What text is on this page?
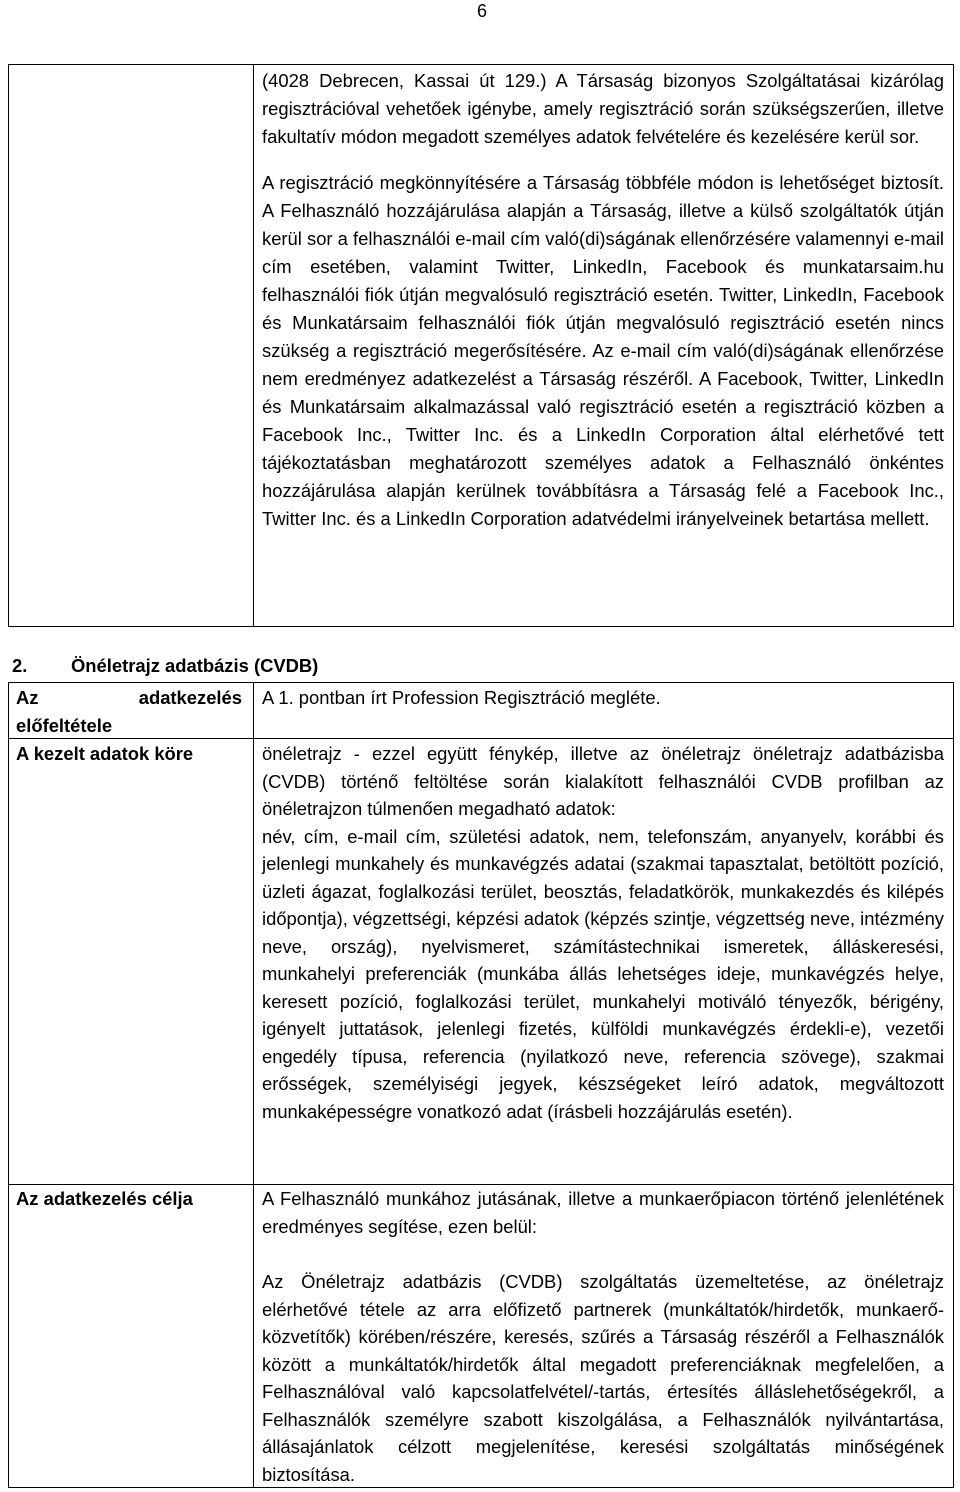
6

(4028 Debrecen, Kassai út 129.) A Társaság bizonyos Szolgáltatásai kizárólag regisztrációval vehetőek igénybe, amely regisztráció során szükségszerűen, illetve fakultatív módon megadott személyes adatok felvételére és kezelésére kerül sor.

A regisztráció megkönnyítésére a Társaság többféle módon is lehetőséget biztosít. A Felhasználó hozzájárulása alapján a Társaság, illetve a külső szolgáltatók útján kerül sor a felhasználói e-mail cím való(di)ságának ellenőrzésére valamennyi e-mail cím esetében, valamint Twitter, LinkedIn, Facebook és munkatarsaim.hu felhasználói fiók útján megvalósuló regisztráció esetén. Twitter, LinkedIn, Facebook és Munkatársaim felhasználói fiók útján megvalósuló regisztráció esetén nincs szükség a regisztráció megerősítésére. Az e-mail cím való(di)ságának ellenőrzése nem eredményez adatkezelést a Társaság részéről. A Facebook, Twitter, LinkedIn és Munkatársaim alkalmazással való regisztráció esetén a regisztráció közben a Facebook Inc., Twitter Inc. és a LinkedIn Corporation által elérhetővé tett tájékoztatásban meghatározott személyes adatok a Felhasználó önkéntes hozzájárulása alapján kerülnek továbbításra a Társaság felé a Facebook Inc., Twitter Inc. és a LinkedIn Corporation adatvédelmi irányelveinek betartása mellett.

2. Önéletrajz adatbázis (CVDB)
Az adatkezelés
előfeltétele

A 1. pontban írt Profession Regisztráció megléte.

A kezelt adatok köre	önéletrajz - ezzel együtt fénykép, illetve az önéletrajz önéletrajz adatbázisba (CVDB) történő feltöltése során kialakított felhasználói CVDB profilban az önéletrajzon túlmenően megadható adatok:

név, cím, e-mail cím, születési adatok, nem, telefonszám, anyanyelv, korábbi és jelenlegi munkahely és munkavégzés adatai (szakmai tapasztalat, betöltött pozíció, üzleti ágazat, foglalkozási terület, beosztás, feladatkörök, munkakezdés és kilépés időpontja), végzettségi, képzési adatok (képzés szintje, végzettség neve, intézmény neve, ország), nyelvismeret, számítástechnikai ismeretek, álláskeresési, munkahelyi preferenciák (munkába állás lehetséges ideje, munkavégzés helye, keresett pozíció, foglalkozási terület, munkahelyi motiváló tényezők, bérigény, igényelt juttatások, jelenlegi fizetés, külföldi munkavégzés érdekli-e), vezetői engedély típusa, referencia (nyilatkozó neve, referencia szövege), szakmai erősségek, személyiségi jegyek, készségeket leíró adatok, megváltozott munkaképességre vonatkozó adat (írásbeli hozzájárulás esetén).

Az adatkezelés célja	A Felhasználó munkához jutásának, illetve a munkaerőpiacon történő jelenlétének eredményes segítése, ezen belül:

Az Önéletrajz adatbázis (CVDB) szolgáltatás üzemeltetése, az önéletrajz elérhetővé tétele az arra előfizető partnerek (munkáltatók/hirdetők, munkaerő-közvetítők) körében/részére, keresés, szűrés a Társaság részéről a Felhasználók között a munkáltatók/hirdetők által megadott preferenciáknak megfelelően, a Felhasználóval való kapcsolatfelvétel/-tartás, értesítés álláslehetőségekről, a Felhasználók személyre szabott kiszolgálása, a Felhasználók nyilvántartása, állásajánlatok célzott megjelenítése, keresési szolgáltatás minőségének biztosítása.
